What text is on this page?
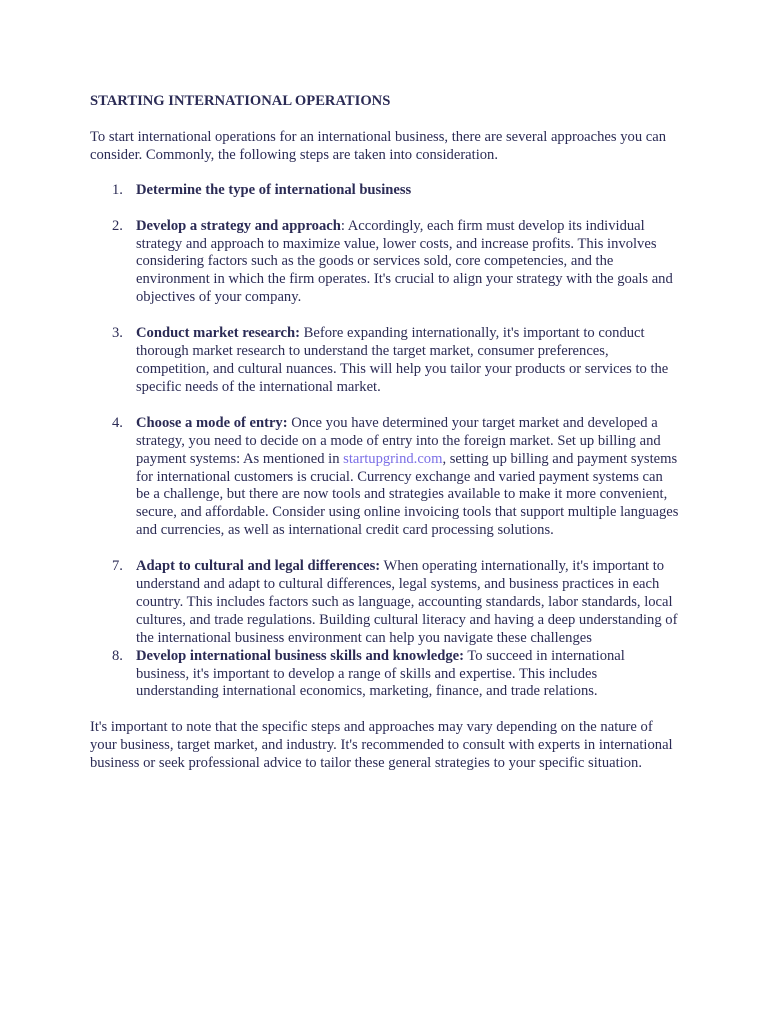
STARTING INTERNATIONAL OPERATIONS
To start international operations for an international business, there are several approaches you can consider. Commonly, the following steps are taken into consideration.
1. Determine the type of international business
2. Develop a strategy and approach: Accordingly, each firm must develop its individual strategy and approach to maximize value, lower costs, and increase profits. This involves considering factors such as the goods or services sold, core competencies, and the environment in which the firm operates. It's crucial to align your strategy with the goals and objectives of your company.
3. Conduct market research: Before expanding internationally, it's important to conduct thorough market research to understand the target market, consumer preferences, competition, and cultural nuances. This will help you tailor your products or services to the specific needs of the international market.
4. Choose a mode of entry: Once you have determined your target market and developed a strategy, you need to decide on a mode of entry into the foreign market. Set up billing and payment systems: As mentioned in startupgrind.com, setting up billing and payment systems for international customers is crucial. Currency exchange and varied payment systems can be a challenge, but there are now tools and strategies available to make it more convenient, secure, and affordable. Consider using online invoicing tools that support multiple languages and currencies, as well as international credit card processing solutions.
7. Adapt to cultural and legal differences: When operating internationally, it's important to understand and adapt to cultural differences, legal systems, and business practices in each country. This includes factors such as language, accounting standards, labor standards, local cultures, and trade regulations. Building cultural literacy and having a deep understanding of the international business environment can help you navigate these challenges
8. Develop international business skills and knowledge: To succeed in international business, it's important to develop a range of skills and expertise. This includes understanding international economics, marketing, finance, and trade relations.
It's important to note that the specific steps and approaches may vary depending on the nature of your business, target market, and industry. It's recommended to consult with experts in international business or seek professional advice to tailor these general strategies to your specific situation.
